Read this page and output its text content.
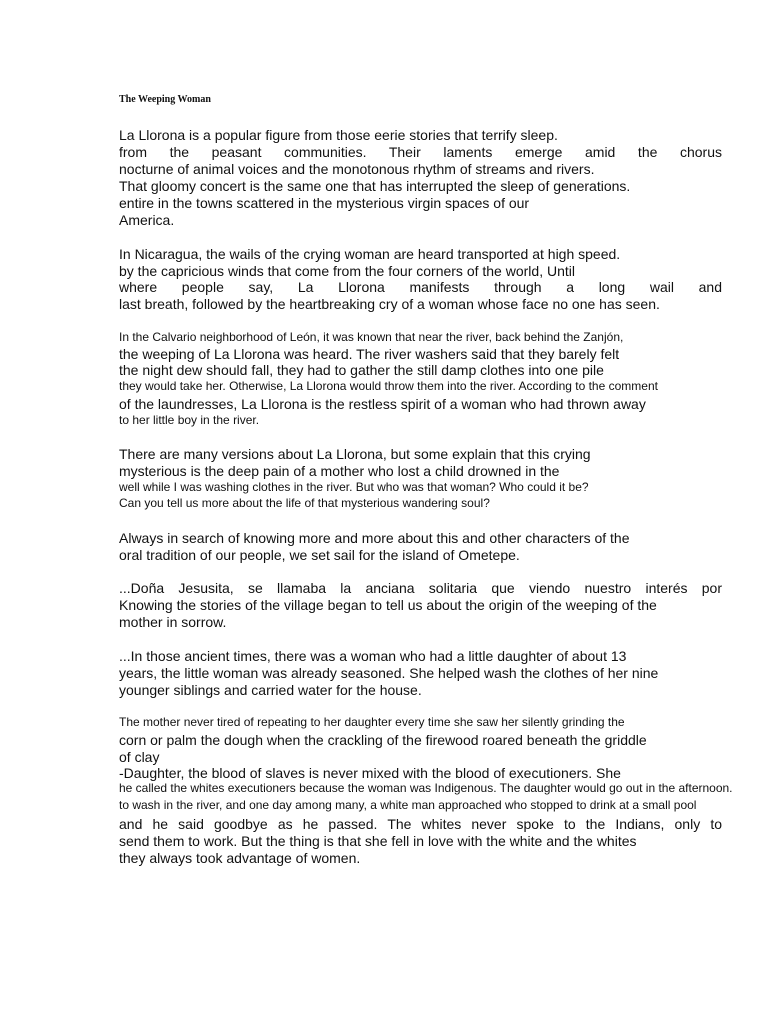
The Weeping Woman
La Llorona is a popular figure from those eerie stories that terrify sleep.
from the peasant communities. Their laments emerge amid the chorus
nocturne of animal voices and the monotonous rhythm of streams and rivers.
That gloomy concert is the same one that has interrupted the sleep of generations.
entire in the towns scattered in the mysterious virgin spaces of our
America.
In Nicaragua, the wails of the crying woman are heard transported at high speed.
by the capricious winds that come from the four corners of the world, Until
where people say, La Llorona manifests through a long wail and
last breath, followed by the heartbreaking cry of a woman whose face no one has seen.
In the Calvario neighborhood of León, it was known that near the river, back behind the Zanjón,
the weeping of La Llorona was heard. The river washers said that they barely felt
the night dew should fall, they had to gather the still damp clothes into one pile
they would take her. Otherwise, La Llorona would throw them into the river. According to the comment
of the laundresses, La Llorona is the restless spirit of a woman who had thrown away
to her little boy in the river.
There are many versions about La Llorona, but some explain that this crying
mysterious is the deep pain of a mother who lost a child drowned in the
well while I was washing clothes in the river. But who was that woman? Who could it be?
Can you tell us more about the life of that mysterious wandering soul?
Always in search of knowing more and more about this and other characters of the
oral tradition of our people, we set sail for the island of Ometepe.
...Doña Jesusita, se llamaba la anciana solitaria que viendo nuestro interés por
Knowing the stories of the village began to tell us about the origin of the weeping of the
mother in sorrow.
...In those ancient times, there was a woman who had a little daughter of about 13
years, the little woman was already seasoned. She helped wash the clothes of her nine
younger siblings and carried water for the house.
The mother never tired of repeating to her daughter every time she saw her silently grinding the
corn or palm the dough when the crackling of the firewood roared beneath the griddle
of clay
-Daughter, the blood of slaves is never mixed with the blood of executioners. She
he called the whites executioners because the woman was Indigenous. The daughter would go out in the afternoon.
to wash in the river, and one day among many, a white man approached who stopped to drink at a small pool
and he said goodbye as he passed. The whites never spoke to the Indians, only to
send them to work. But the thing is that she fell in love with the white and the whites
they always took advantage of women.
